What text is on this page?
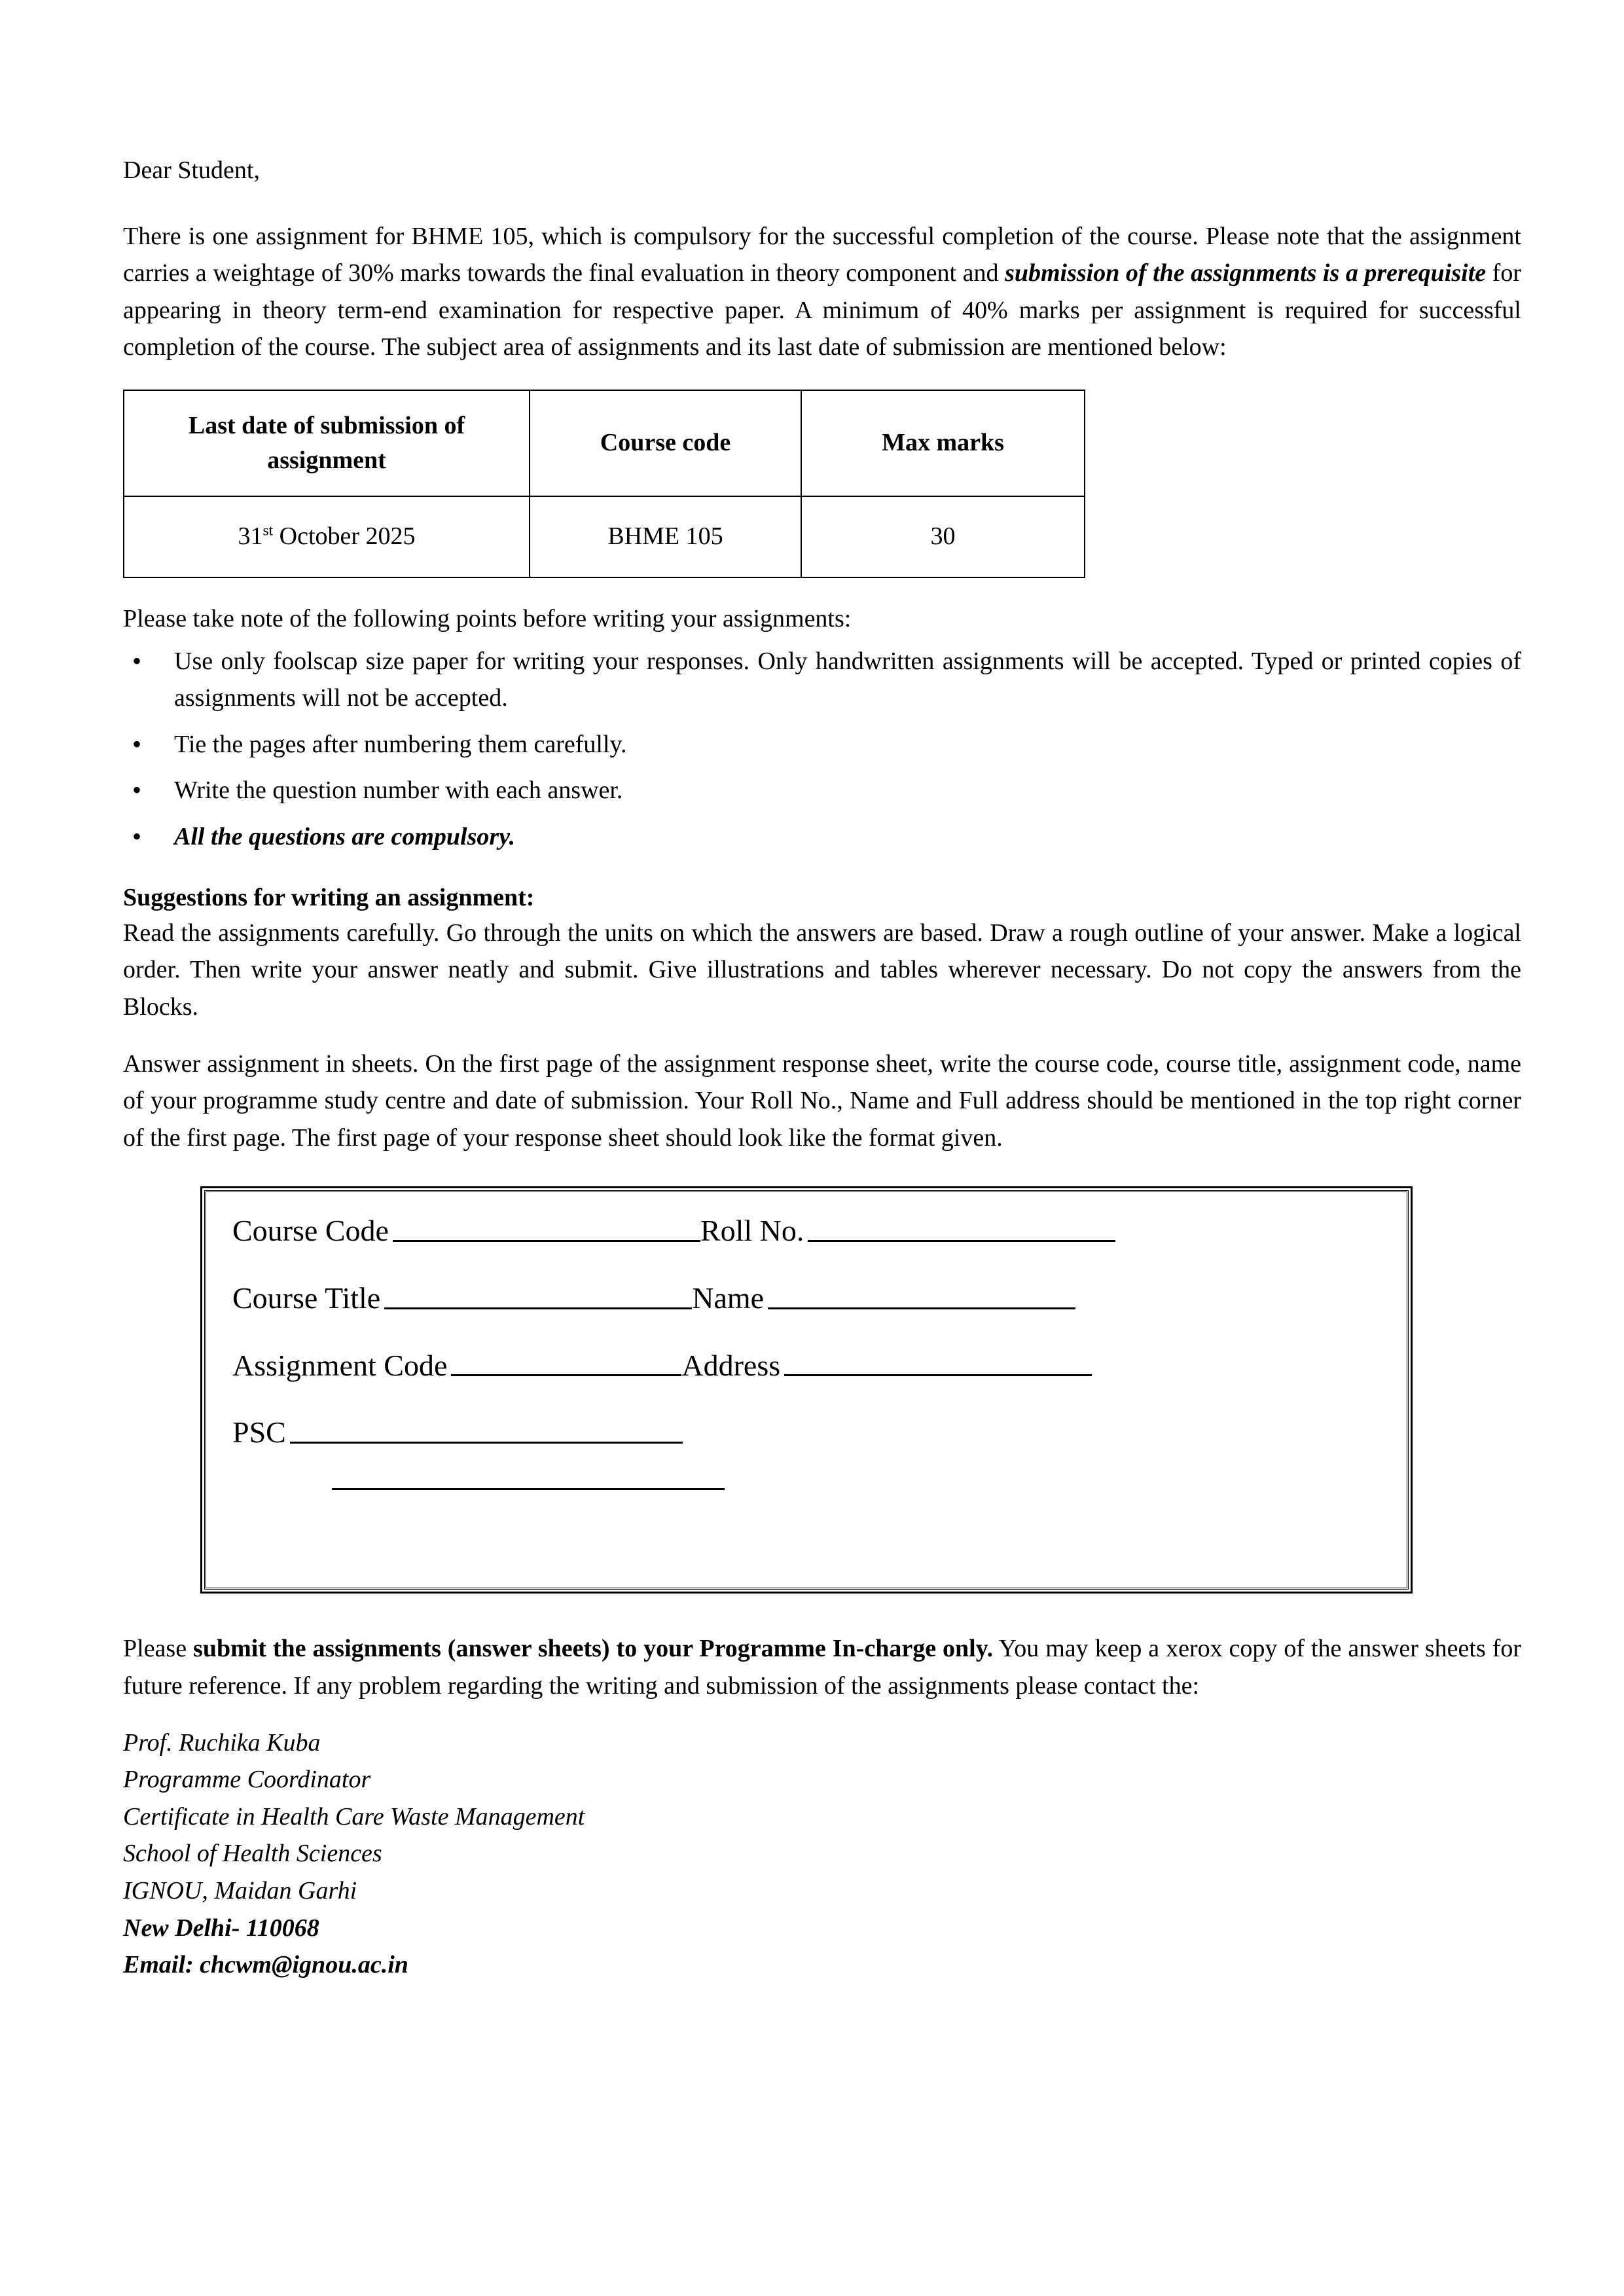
Dear Student,

There is one assignment for BHME 105, which is compulsory for the successful completion of the course. Please note that the assignment carries a weightage of 30% marks towards the final evaluation in theory component and submission of the assignments is a prerequisite for appearing in theory term-end examination for respective paper. A minimum of 40% marks per assignment is required for successful completion of the course. The subject area of assignments and its last date of submission are mentioned below:

Last date of submission of assignment	Course code	Max marks
31st October 2025	BHME 105	30

Please take note of the following points before writing your assignments:

• Use only foolscap size paper for writing your responses. Only handwritten assignments will be accepted. Typed or printed copies of assignments will not be accepted.
• Tie the pages after numbering them carefully.
• Write the question number with each answer.
• All the questions are compulsory.
Suggestions for writing an assignment:

Read the assignments carefully. Go through the units on which the answers are based. Draw a rough outline of your answer. Make a logical order. Then write your answer neatly and submit. Give illustrations and tables wherever necessary. Do not copy the answers from the Blocks.

Answer assignment in sheets. On the first page of the assignment response sheet, write the course code, course title, assignment code, name of your programme study centre and date of submission. Your Roll No., Name and Full address should be mentioned in the top right corner of the first page. The first page of your response sheet should look like the format given.

Course Code	Roll No.
Course Title	Name
Assignment Code	Address
PSC

Please submit the assignments (answer sheets) to your Programme In-charge only. You may keep a xerox copy of the answer sheets for future reference. If any problem regarding the writing and submission of the assignments please contact the:

Prof. Ruchika Kuba
Programme Coordinator
Certificate in Health Care Waste Management
School of Health Sciences
IGNOU, Maidan Garhi
New Delhi- 110068
Email: chcwm@ignou.ac.in
